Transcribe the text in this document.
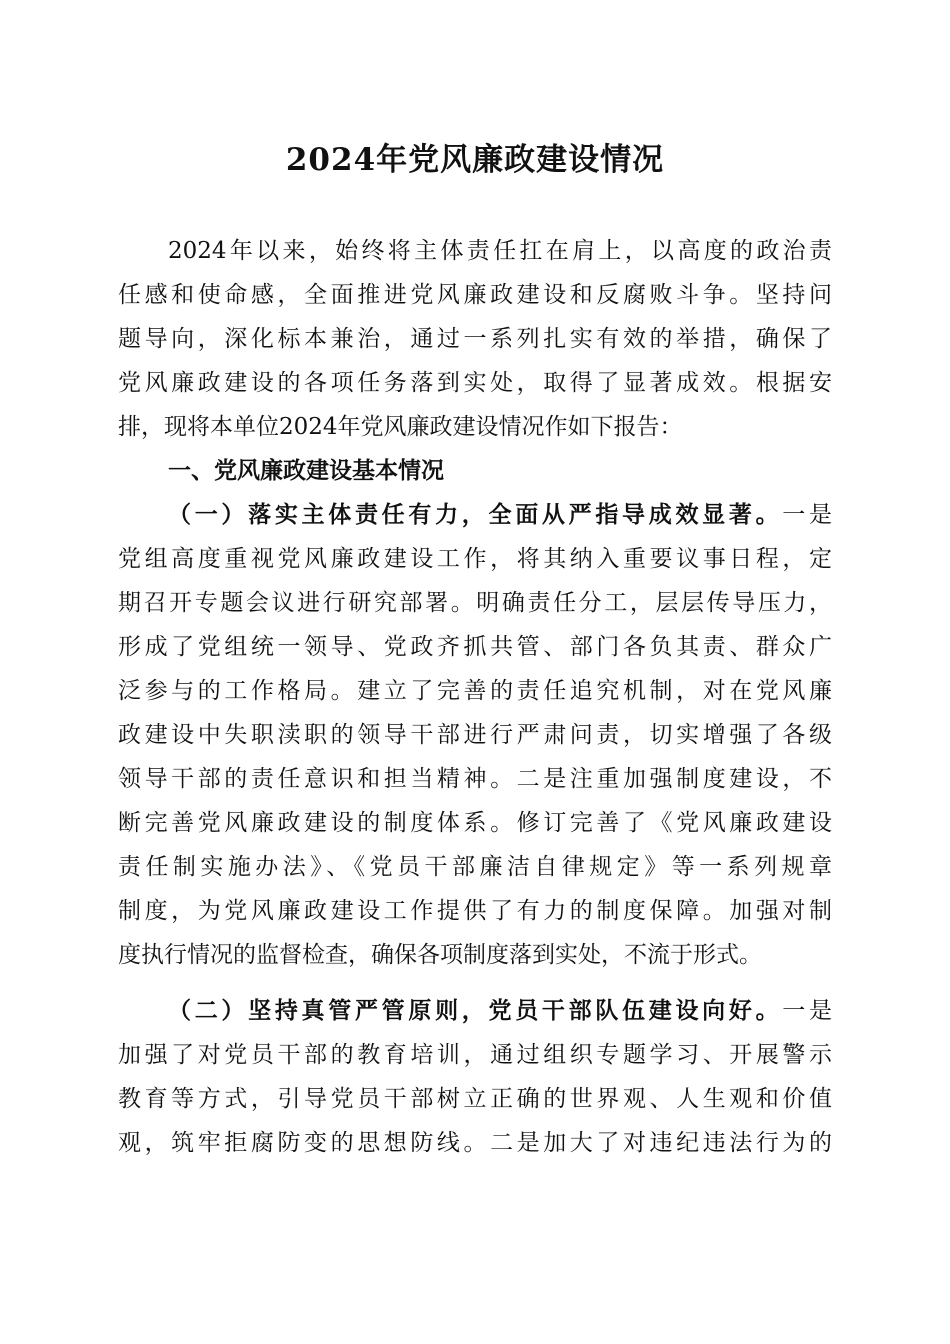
2024年党风廉政建设情况
2024年以来，始终将主体责任扛在肩上，以高度的政治责
任感和使命感，全面推进党风廉政建设和反腐败斗争。坚持问
题导向，深化标本兼治，通过一系列扎实有效的举措，确保了
党风廉政建设的各项任务落到实处，取得了显著成效。根据安
排，现将本单位2024年党风廉政建设情况作如下报告：
一、党风廉政建设基本情况
（一）落实主体责任有力，全面从严指导成效显著。一是
党组高度重视党风廉政建设工作，将其纳入重要议事日程，定
期召开专题会议进行研究部署。明确责任分工，层层传导压力，
形成了党组统一领导、党政齐抓共管、部门各负其责、群众广
泛参与的工作格局。建立了完善的责任追究机制，对在党风廉
政建设中失职渎职的领导干部进行严肃问责，切实增强了各级
领导干部的责任意识和担当精神。二是注重加强制度建设，不
断完善党风廉政建设的制度体系。修订完善了《党风廉政建设
责任制实施办法》、《党员干部廉洁自律规定》等一系列规章
制度，为党风廉政建设工作提供了有力的制度保障。加强对制
度执行情况的监督检查，确保各项制度落到实处，不流于形式。
（二）坚持真管严管原则，党员干部队伍建设向好。一是
加强了对党员干部的教育培训，通过组织专题学习、开展警示
教育等方式，引导党员干部树立正确的世界观、人生观和价值
观，筑牢拒腐防变的思想防线。二是加大了对违纪违法行为的
